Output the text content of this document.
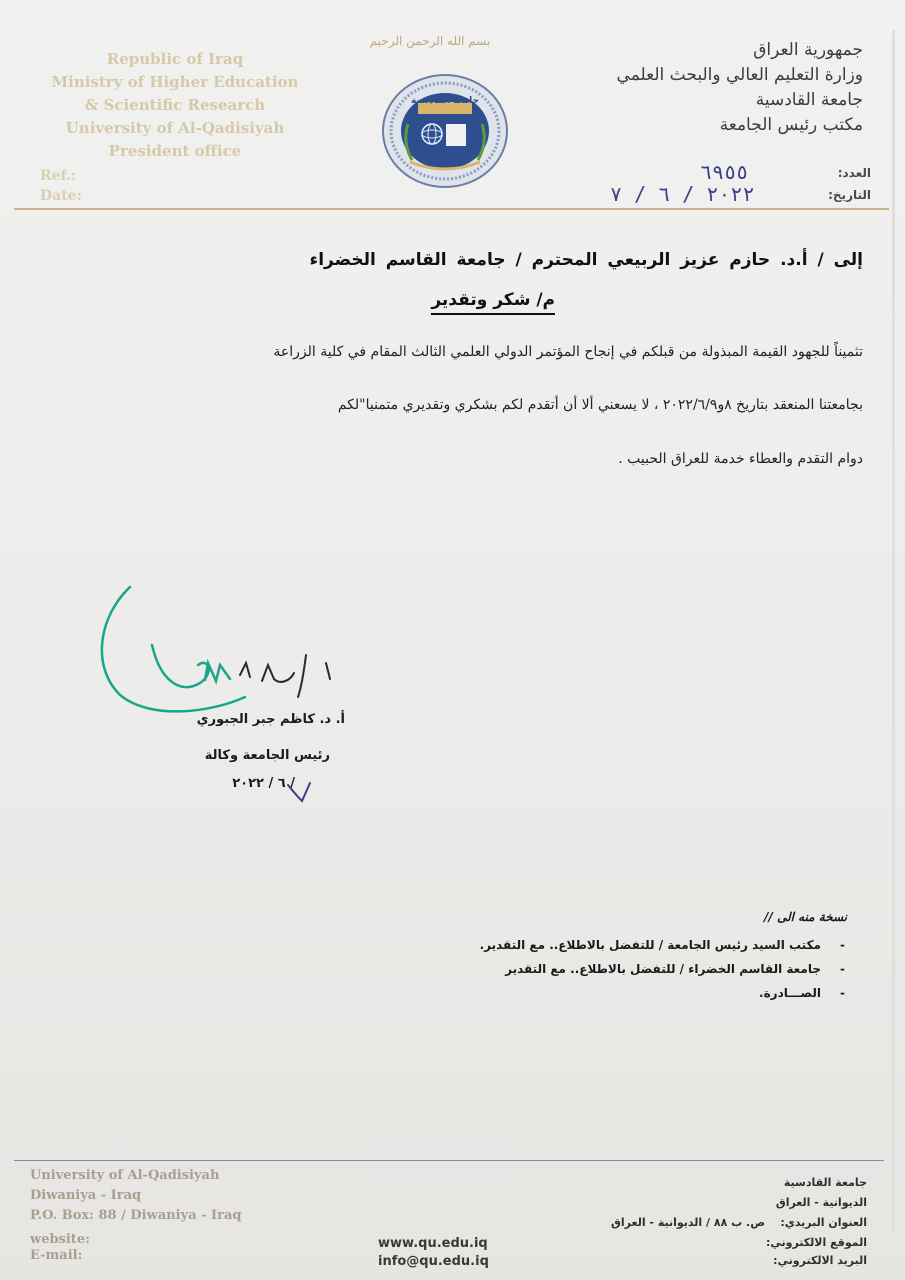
Republic of Iraq
Ministry of Higher Education
& Scientific Research
University of Al-Qadisiyah
President office
Ref.:
Date:
بسم الله الرحمن الرحيم
جامعة القادسية
جمهورية العراق
وزارة التعليم العالي والبحث العلمي
جامعة القادسية
مكتب رئيس الجامعة
العدد:
التاريخ:
٦٩٥٥
٢٠٢٢ / ٦ / ٧
إلى / أ.د. حازم عزيز الربيعي المحترم / جامعة القاسم الخضراء
م/ شكر وتقدير
تثميناً للجهود القيمة المبذولة من قبلكم في إنجاح المؤتمر الدولي العلمي الثالث المقام في كلية الزراعة
بجامعتنا المنعقد بتاريخ ٨و٢٠٢٢/٦/٩ ، لا يسعني ألا أن أتقدم لكم بشكري وتقديري متمنيا"لكم
دوام التقدم والعطاء خدمة للعراق الحبيب .
أ. د. كاظم جبر الجبوري
رئيس الجامعة وكالة
/ ٦ / ٢٠٢٢
نسخة منه الى //
مكتب السيد رئيس الجامعة / للتفضل بالاطلاع.. مع التقدير. -
جامعة القاسم الخضراء / للتفضل بالاطلاع.. مع التقدير -
الصـــادرة. -
University of Al-Qadisiyah
Diwaniya - Iraq
P.O. Box: 88 / Diwaniya - Iraq
website:
E-mail:
www.qu.edu.iq
info@qu.edu.iq
جامعة القادسية
الديوانية - العراق
العنوان البريدي:
ص. ب ٨٨ / الديوانية - العراق
الموقع الالكتروني:
البريد الالكتروني:
